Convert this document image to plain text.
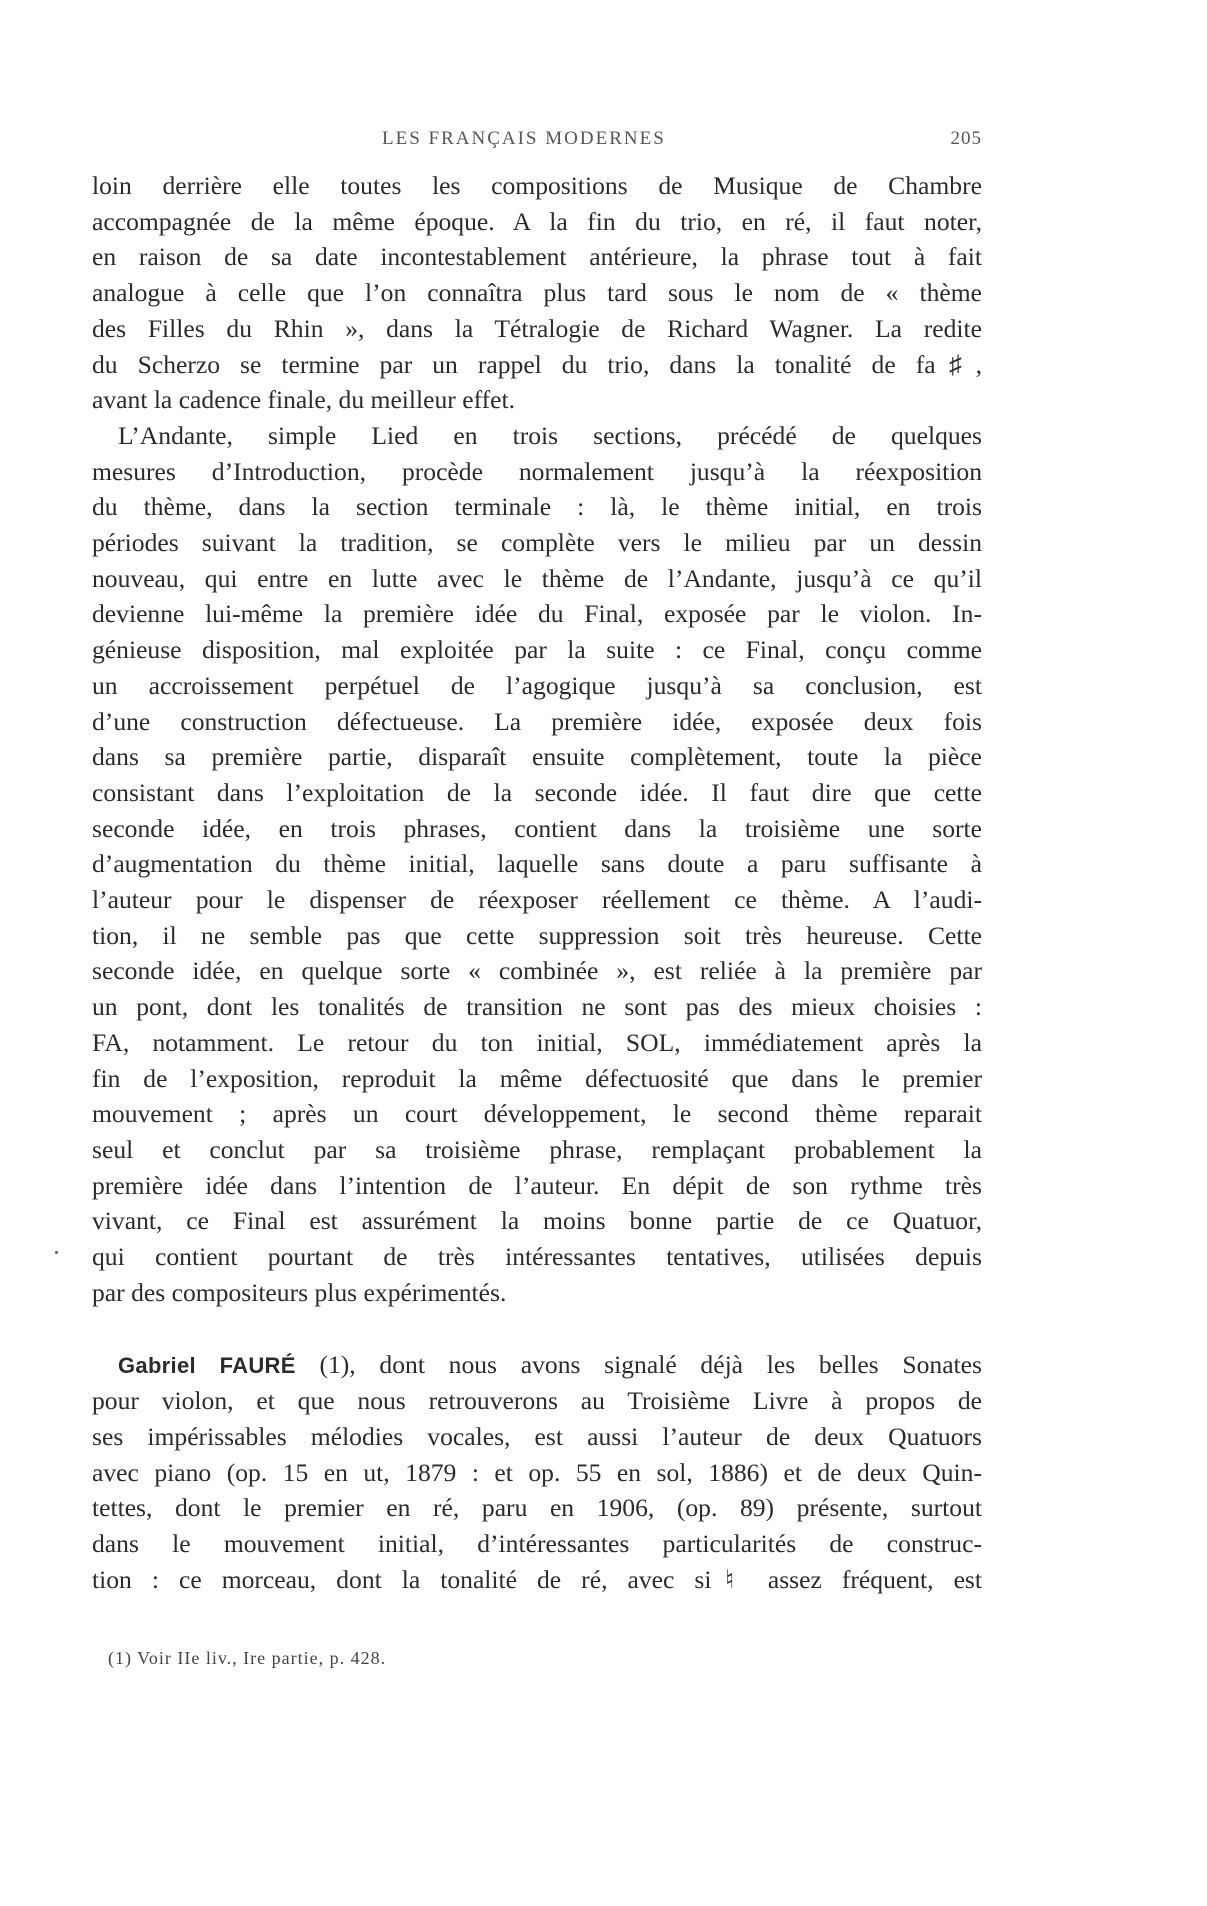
LES FRANÇAIS MODERNES	205
loin derrière elle toutes les compositions de Musique de Chambre
accompagnée de la même époque. A la fin du trio, en ré, il faut noter,
en raison de sa date incontestablement antérieure, la phrase tout à fait
analogue à celle que l’on connaîtra plus tard sous le nom de « thème
des Filles du Rhin », dans la Tétralogie de Richard Wagner. La redite
du Scherzo se termine par un rappel du trio, dans la tonalité de fa♯,
avant la cadence finale, du meilleur effet.
L’Andante, simple Lied en trois sections, précédé de quelques
mesures d’Introduction, procède normalement jusqu’à la réexposition
du thème, dans la section terminale : là, le thème initial, en trois
périodes suivant la tradition, se complète vers le milieu par un dessin
nouveau, qui entre en lutte avec le thème de l’Andante, jusqu’à ce qu’il
devienne lui-même la première idée du Final, exposée par le violon. In-
génieuse disposition, mal exploitée par la suite : ce Final, conçu comme
un accroissement perpétuel de l’agogique jusqu’à sa conclusion, est
d’une construction défectueuse. La première idée, exposée deux fois
dans sa première partie, disparaît ensuite complètement, toute la pièce
consistant dans l’exploitation de la seconde idée. Il faut dire que cette
seconde idée, en trois phrases, contient dans la troisième une sorte
d’augmentation du thème initial, laquelle sans doute a paru suffisante à
l’auteur pour le dispenser de réexposer réellement ce thème. A l’audi-
tion, il ne semble pas que cette suppression soit très heureuse. Cette
seconde idée, en quelque sorte « combinée », est reliée à la première par
un pont, dont les tonalités de transition ne sont pas des mieux choisies :
FA, notamment. Le retour du ton initial, SOL, immédiatement après la
fin de l’exposition, reproduit la même défectuosité que dans le premier
mouvement ; après un court développement, le second thème reparait
seul et conclut par sa troisième phrase, remplaçant probablement la
première idée dans l’intention de l’auteur. En dépit de son rythme très
vivant, ce Final est assurément la moins bonne partie de ce Quatuor,
qui contient pourtant de très intéressantes tentatives, utilisées depuis
par des compositeurs plus expérimentés.
Gabriel FAURÉ (1), dont nous avons signalé déjà les belles Sonates
pour violon, et que nous retrouverons au Troisième Livre à propos de
ses impérissables mélodies vocales, est aussi l’auteur de deux Quatuors
avec piano (op. 15 en ut, 1879 : et op. 55 en sol, 1886) et de deux Quin-
tettes, dont le premier en ré, paru en 1906, (op. 89) présente, surtout
dans le mouvement initial, d’intéressantes particularités de construc-
tion : ce morceau, dont la tonalité de ré, avec si♮ assez fréquent, est
(1) Voir IIe liv., Ire partie, p. 428.
